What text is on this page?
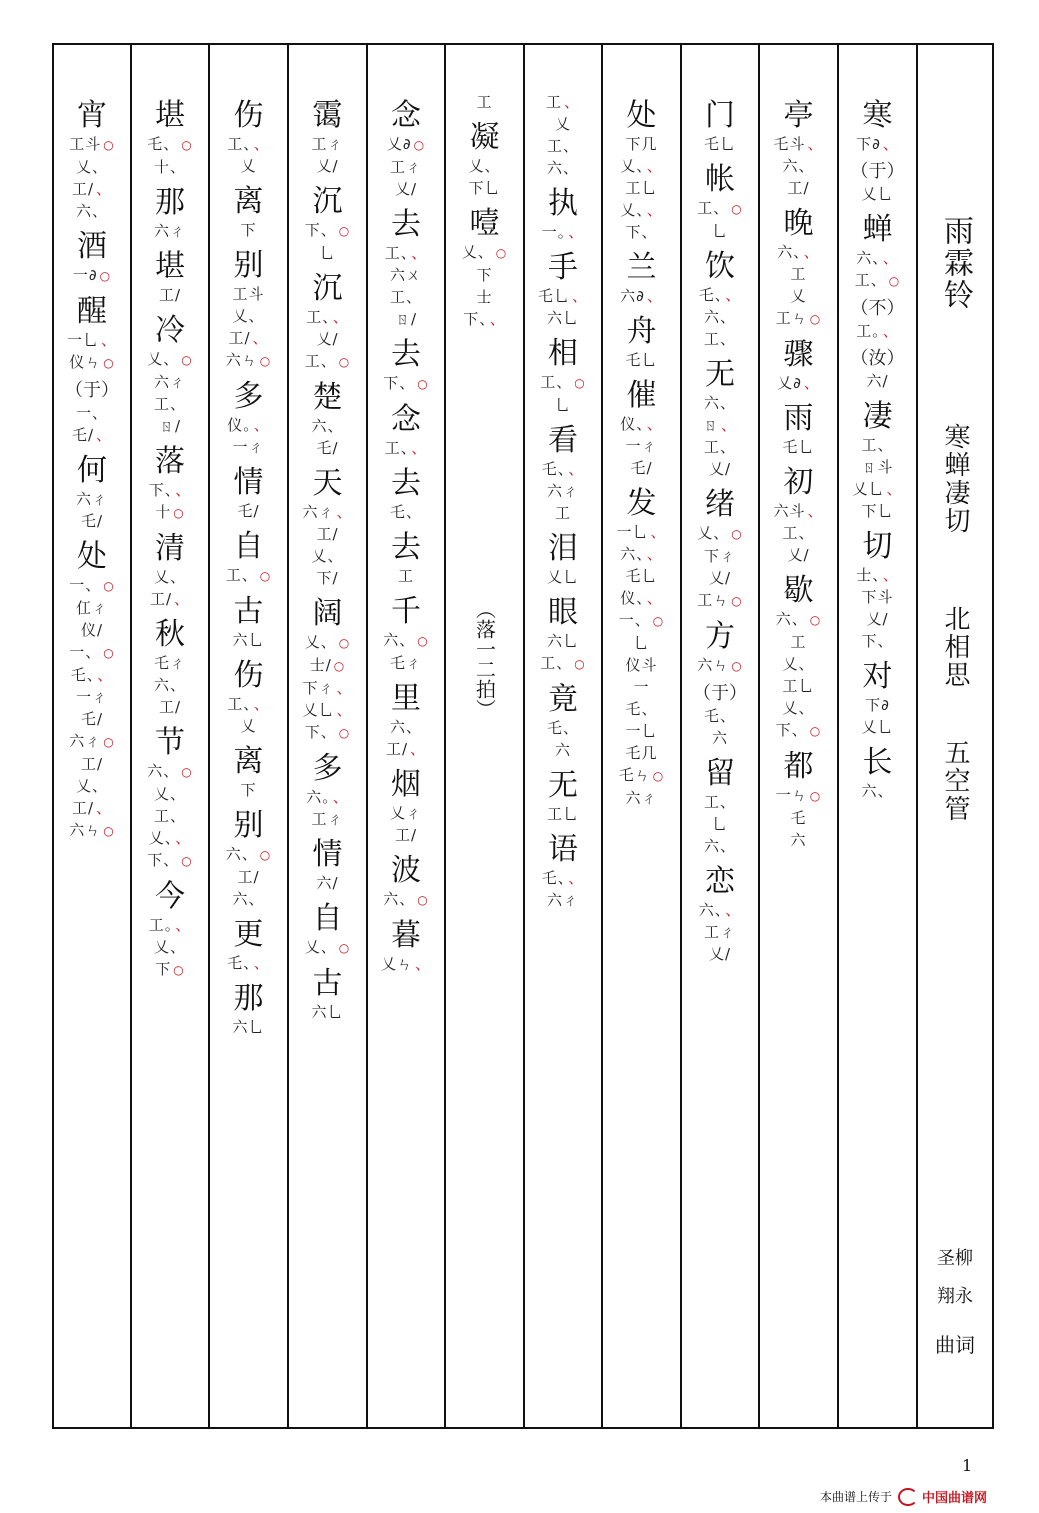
宵
工斗 ○
乂、
工∕ 、
六、
酒
一∂ ○
醒
一乚 、
仪ㄣ ○
（于）
一、
乇∕ 、
何
六ㄔ
乇∕
处
一、 ○
仜ㄔ
仪∕
一、 ○
乇、 、
一ㄔ
乇∕
六ㄔ ○
工∕
乂、
工∕ 、
六ㄣ ○
堪
乇、 ○
十、
那
六ㄔ
堪
工∕
冷
乂、 ○
六ㄔ
工、
ㄖ∕
落
下、 、
十 ○
清
乂、
工∕ 、
秋
乇ㄔ
六、
工∕
节
六、 ○
乂、
工、
乂、 、
下、 ○
今
工。 、
乂、
下 ○
伤
工、 、
乂
离
下
别
工斗
乂、
工∕ 、
六ㄣ ○
多
仪。 、
一ㄔ
情
乇∕
自
工、 ○
古
六乚
伤
工、 、
乂
离
下
别
六、 ○
工∕
六、
更
乇、 、
那
六乚
霭
工ㄔ
乂∕
沉
下、 ○
乚
沉
工、 、
乂∕
工、 ○
楚
六、
乇∕
天
六ㄔ 、
工∕
乂、
下∕
阔
乂、 ○
士∕ ○
下ㄔ 、
乂乚 、
下、 ○
多
六。 、
工ㄔ
情
六∕
自
乂、 ○
古
六乚
念
乂∂ ○
工ㄔ
乂∕
去
工、 、
六ㄨ
工、
ㄖ∕
去
下、 ○
念
工、 、
去
乇、
去
工
千
六、 ○
乇ㄔ
里
六、
工∕ 、
烟
乂ㄔ
工∕
波
六、 ○
暮
乂ㄣ 、
工
凝
乂、
下乚
噎
乂、 ○
下
士
下、 、
（落一二拍）
工 、
乂
工、
六、
执
一。 、
手
乇乚 、
六乚
相
工、 ○
乚
看
乇、 、
六ㄔ
工
泪
乂乚
眼
六乚
工、 ○
竟
乇、
六
无
工乚
语
乇、 、
六ㄔ
处
下几
乂、 、
工乚
乂、 、
下、
兰
六∂ 、
舟
乇乚
催
仪、 、
一ㄔ
乇∕
发
一乚 、
六、 、
乇乚
仪、 、
一、 ○
乚
仪斗
一
乇、
一乚
乇几
乇ㄣ ○
六ㄔ
门
乇乚
帐
工、 ○
乚
饮
乇、 、
六、
工、
无
六、
ㄖ 、
工、
乂∕
绪
乂、 ○
下ㄔ
乂∕
工ㄣ ○
方
六ㄣ ○
（于）
乇、
六
留
工、
乚
六、
恋
六、 、
工ㄔ
乂∕
亭
乇斗 、
六、
工∕
晚
六、 、
工
乂
工ㄣ ○
骤
乂∂ 、
雨
乇乚
初
六斗 、
工、
乂∕
歇
六、 ○
工
乂、
工乚
乂、
下、 ○
都
一ㄣ ○
乇
六
寒
下∂ 、
（于）
乂乚
蝉
六、 、
工、 ○
（不）
工。 、
（汝）
六∕
凄
工、
ㄖ斗
乂乚 、
下乚
切
士、 、
下斗
乂∕
下、
对
下∂
乂乚
长
六、
雨霖铃
寒蝉凄切
北相思
五空管
圣柳
翔永
曲词
1
本曲谱上传于 中国曲谱网
